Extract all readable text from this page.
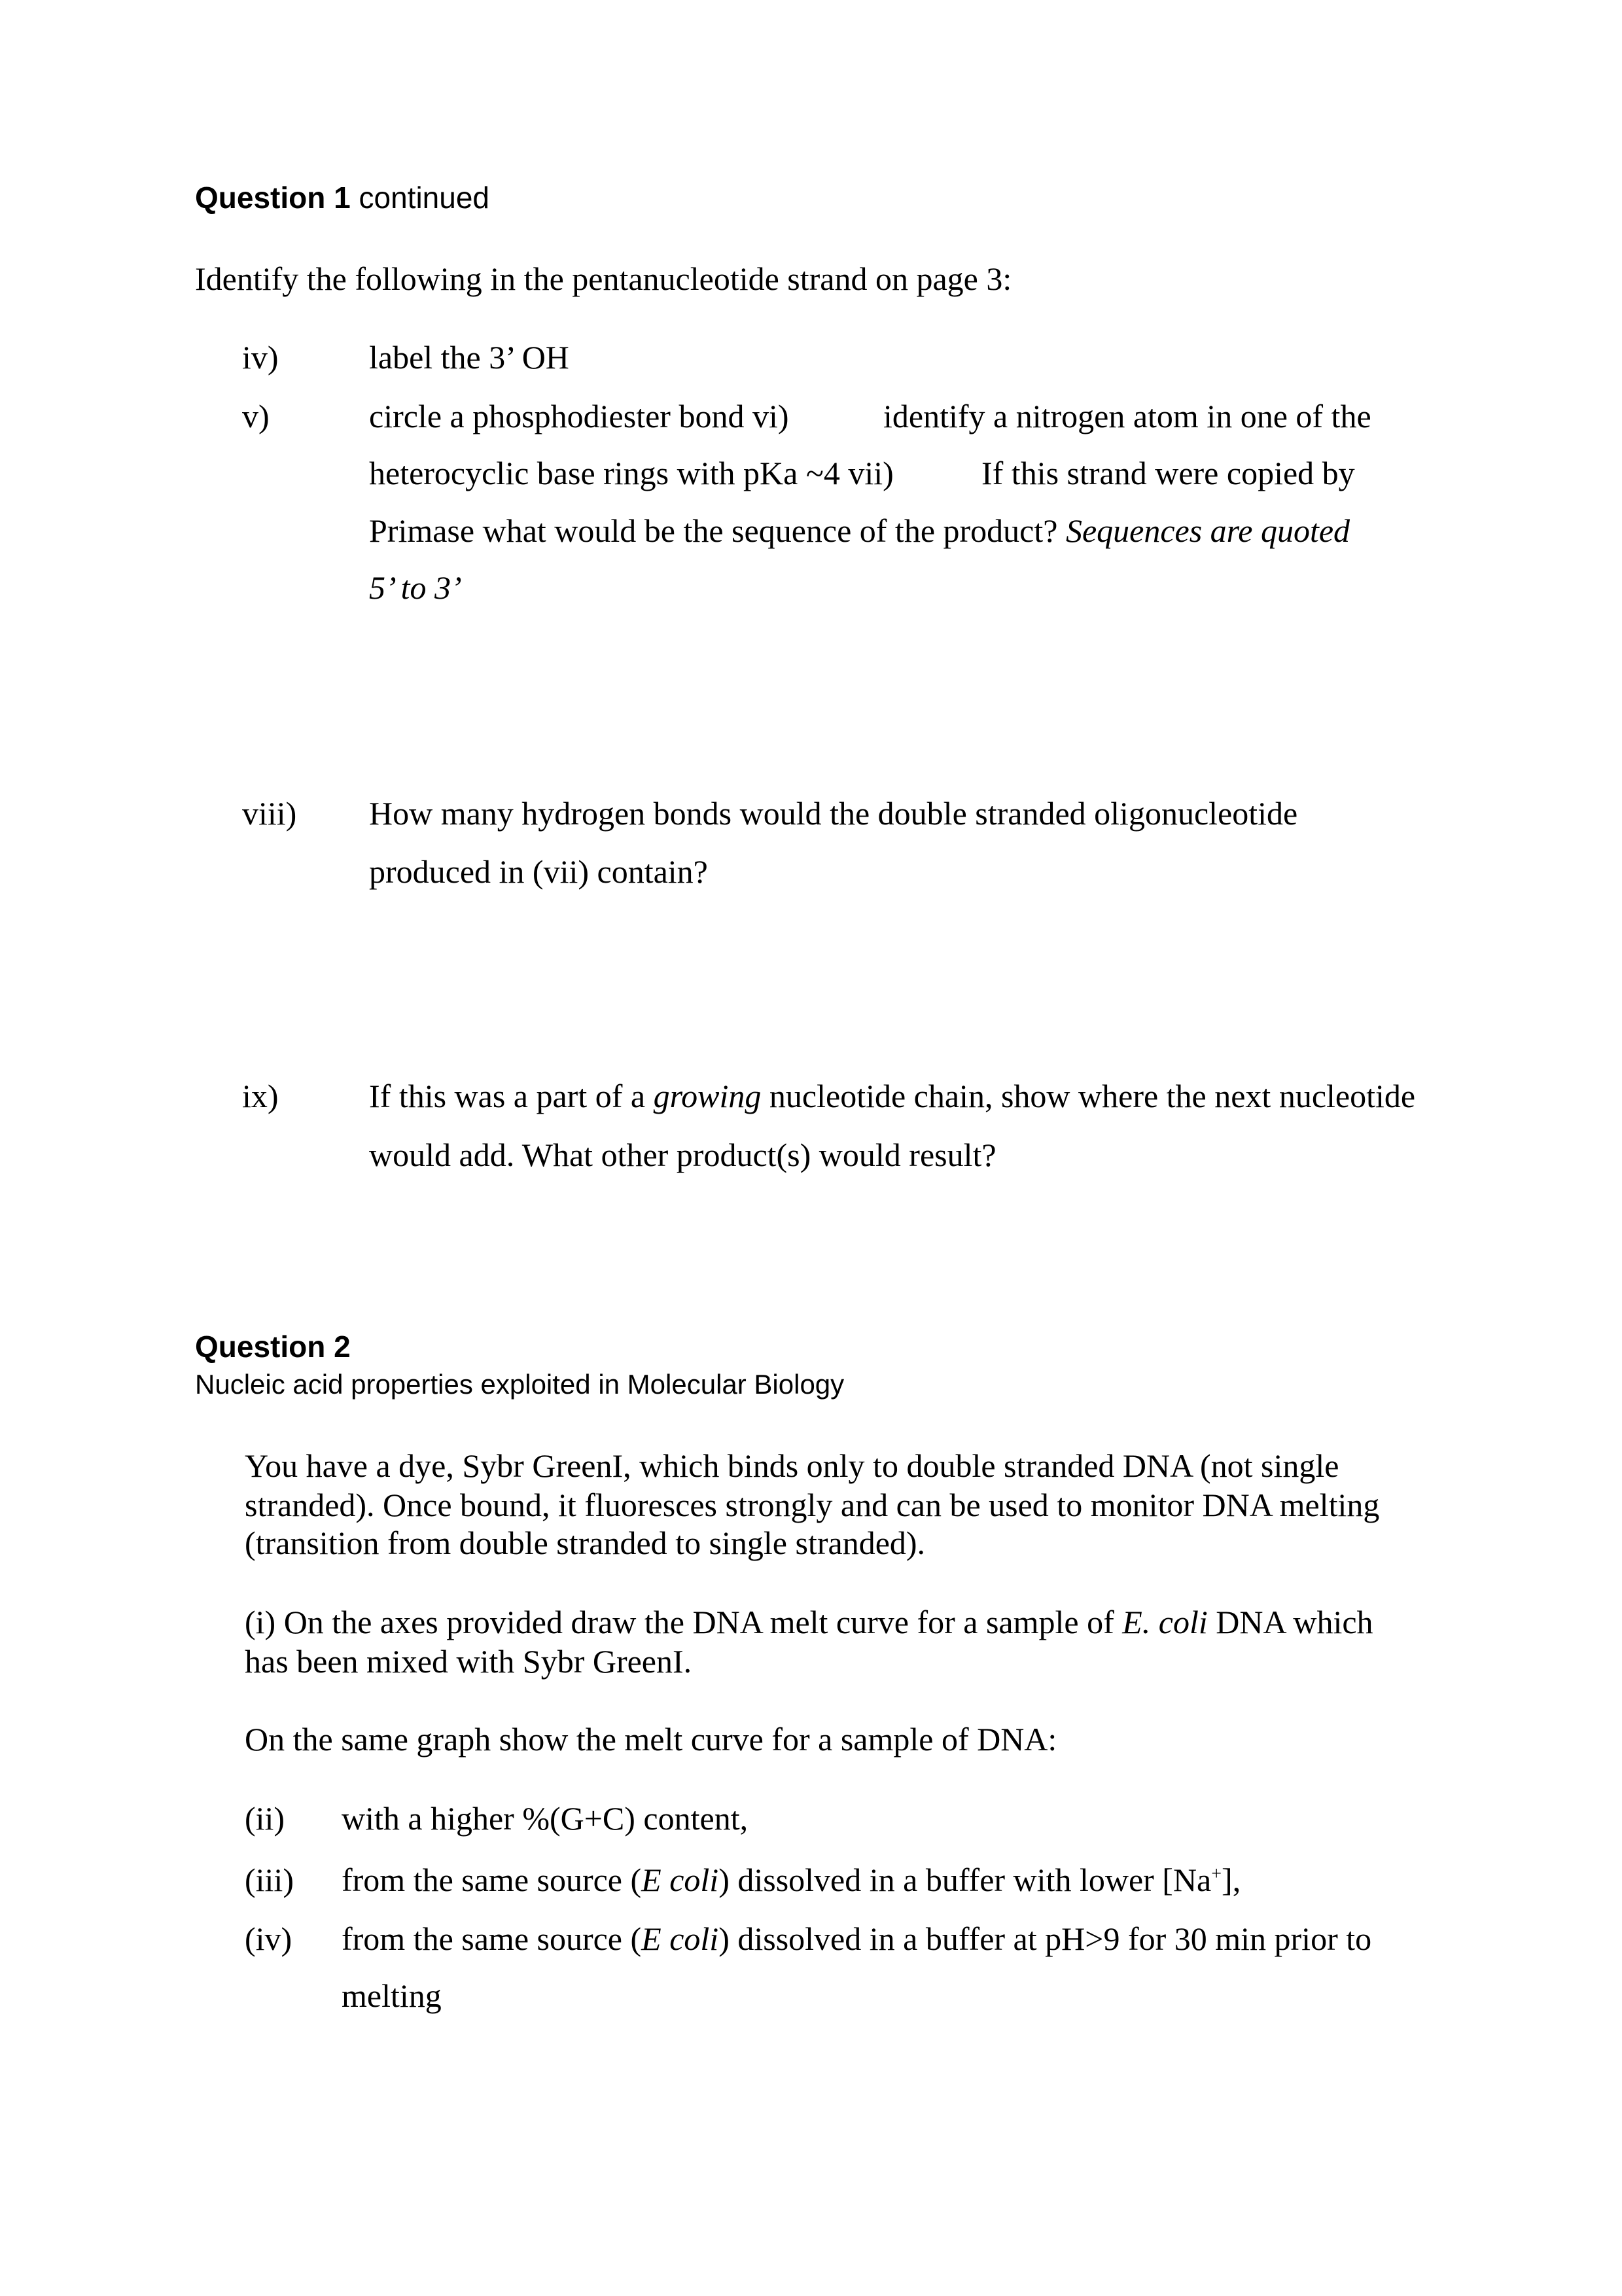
Question 1 continued
Identify the following in the pentanucleotide strand on page 3:
iv)	label the 3’ OH
v)	circle a phosphodiester bond vi)	identify a nitrogen atom in one of the
heterocyclic base rings with pKa ~4 vii)	If this strand were copied by
Primase what would be the sequence of the product? Sequences are quoted
5’ to 3’
viii) How many hydrogen bonds would the double stranded oligonucleotide
produced in (vii) contain?
ix)	If this was a part of a growing nucleotide chain, show where the next nucleotide
would add. What other product(s) would result?
Question 2
Nucleic acid properties exploited in Molecular Biology
You have a dye, Sybr GreenI, which binds only to double stranded DNA (not single
stranded). Once bound, it fluoresces strongly and can be used to monitor DNA melting
(transition from double stranded to single stranded).
(i) On the axes provided draw the DNA melt curve for a sample of E. coli DNA which
has been mixed with Sybr GreenI.
On the same graph show the melt curve for a sample of DNA:
(ii) with a higher %(G+C) content,
(iii) from the same source (E coli) dissolved in a buffer with lower [Na+],
(iv) from the same source (E coli) dissolved in a buffer at pH>9 for 30 min prior to
melting
